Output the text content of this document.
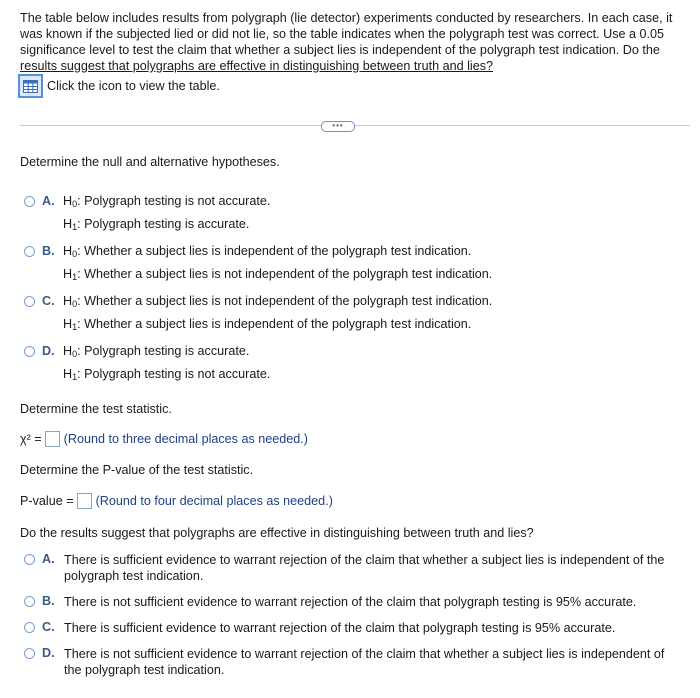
The table below includes results from polygraph (lie detector) experiments conducted by researchers. In each case, it
was known if the subjected lied or did not lie, so the table indicates when the polygraph test was correct. Use a 0.05
significance level to test the claim that whether a subject lies is independent of the polygraph test indication. Do the
results suggest that polygraphs are effective in distinguishing between truth and lies?
Click the icon to view the table.
•••
Determine the null and alternative hypotheses.
A. $H_0$: Polygraph testing is not accurate.
$H_1$: Polygraph testing is accurate.
B. $H_0$: Whether a subject lies is independent of the polygraph test indication.
$H_1$: Whether a subject lies is not independent of the polygraph test indication.
C. $H_0$: Whether a subject lies is not independent of the polygraph test indication.
$H_1$: Whether a subject lies is independent of the polygraph test indication.
D. $H_0$: Polygraph testing is accurate.
$H_1$: Polygraph testing is not accurate.
Determine the test statistic.
χ² = (Round to three decimal places as needed.)
Determine the P-value of the test statistic.
P-value = (Round to four decimal places as needed.)
Do the results suggest that polygraphs are effective in distinguishing between truth and lies?
A. There is sufficient evidence to warrant rejection of the claim that whether a subject lies is independent of the
polygraph test indication.
B. There is not sufficient evidence to warrant rejection of the claim that polygraph testing is 95% accurate.
C. There is sufficient evidence to warrant rejection of the claim that polygraph testing is 95% accurate.
D. There is not sufficient evidence to warrant rejection of the claim that whether a subject lies is independent of
the polygraph test indication.
